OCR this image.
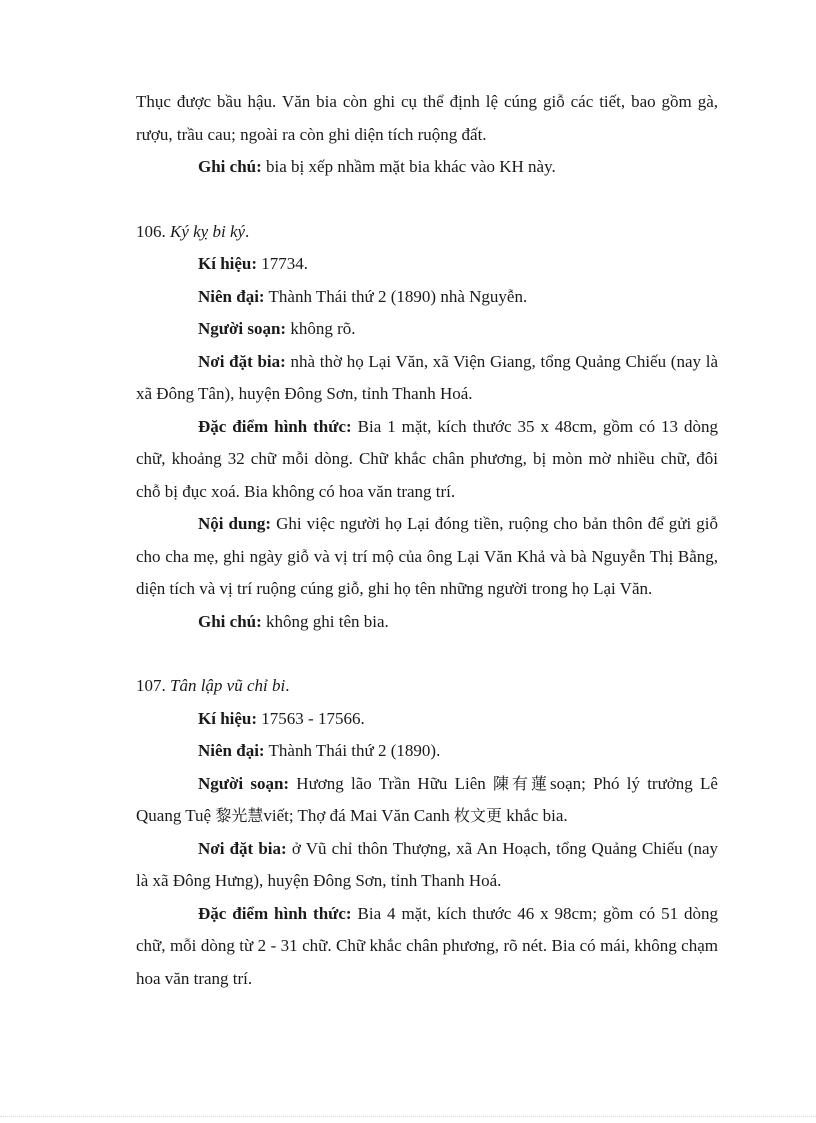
Thục được bầu hậu. Văn bia còn ghi cụ thể định lệ cúng giỗ các tiết, bao gồm gà, rượu, trầu cau; ngoài ra còn ghi diện tích ruộng đất.

Ghi chú: bia bị xếp nhầm mặt bia khác vào KH này.

106. Ký kỵ bi ký.

Kí hiệu: 17734.

Niên đại: Thành Thái thứ 2 (1890) nhà Nguyễn.

Người soạn: không rõ.

Nơi đặt bia: nhà thờ họ Lại Văn, xã Viện Giang, tổng Quảng Chiếu (nay là xã Đông Tân), huyện Đông Sơn, tỉnh Thanh Hoá.

Đặc điểm hình thức: Bia 1 mặt, kích thước 35 x 48cm, gồm có 13 dòng chữ, khoảng 32 chữ mỗi dòng. Chữ khắc chân phương, bị mòn mờ nhiều chữ, đôi chỗ bị đục xoá. Bia không có hoa văn trang trí.

Nội dung: Ghi việc người họ Lại đóng tiền, ruộng cho bản thôn để gửi giỗ cho cha mẹ, ghi ngày giỗ và vị trí mộ của ông Lại Văn Khả và bà Nguyễn Thị Bằng, diện tích và vị trí ruộng cúng giỗ, ghi họ tên những người trong họ Lại Văn.

Ghi chú: không ghi tên bia.

107. Tân lập vũ chỉ bi.

Kí hiệu: 17563 - 17566.

Niên đại: Thành Thái thứ 2 (1890).

Người soạn: Hương lão Trần Hữu Liên 陳有蓮soạn; Phó lý trưởng Lê Quang Tuệ 黎光慧viết; Thợ đá Mai Văn Canh 枚文更 khắc bia.

Nơi đặt bia: ở Vũ chỉ thôn Thượng, xã An Hoạch, tổng Quảng Chiếu (nay là xã Đông Hưng), huyện Đông Sơn, tỉnh Thanh Hoá.

Đặc điểm hình thức: Bia 4 mặt, kích thước 46 x 98cm; gồm có 51 dòng chữ, mỗi dòng từ 2 - 31 chữ. Chữ khắc chân phương, rõ nét. Bia có mái, không chạm hoa văn trang trí.
